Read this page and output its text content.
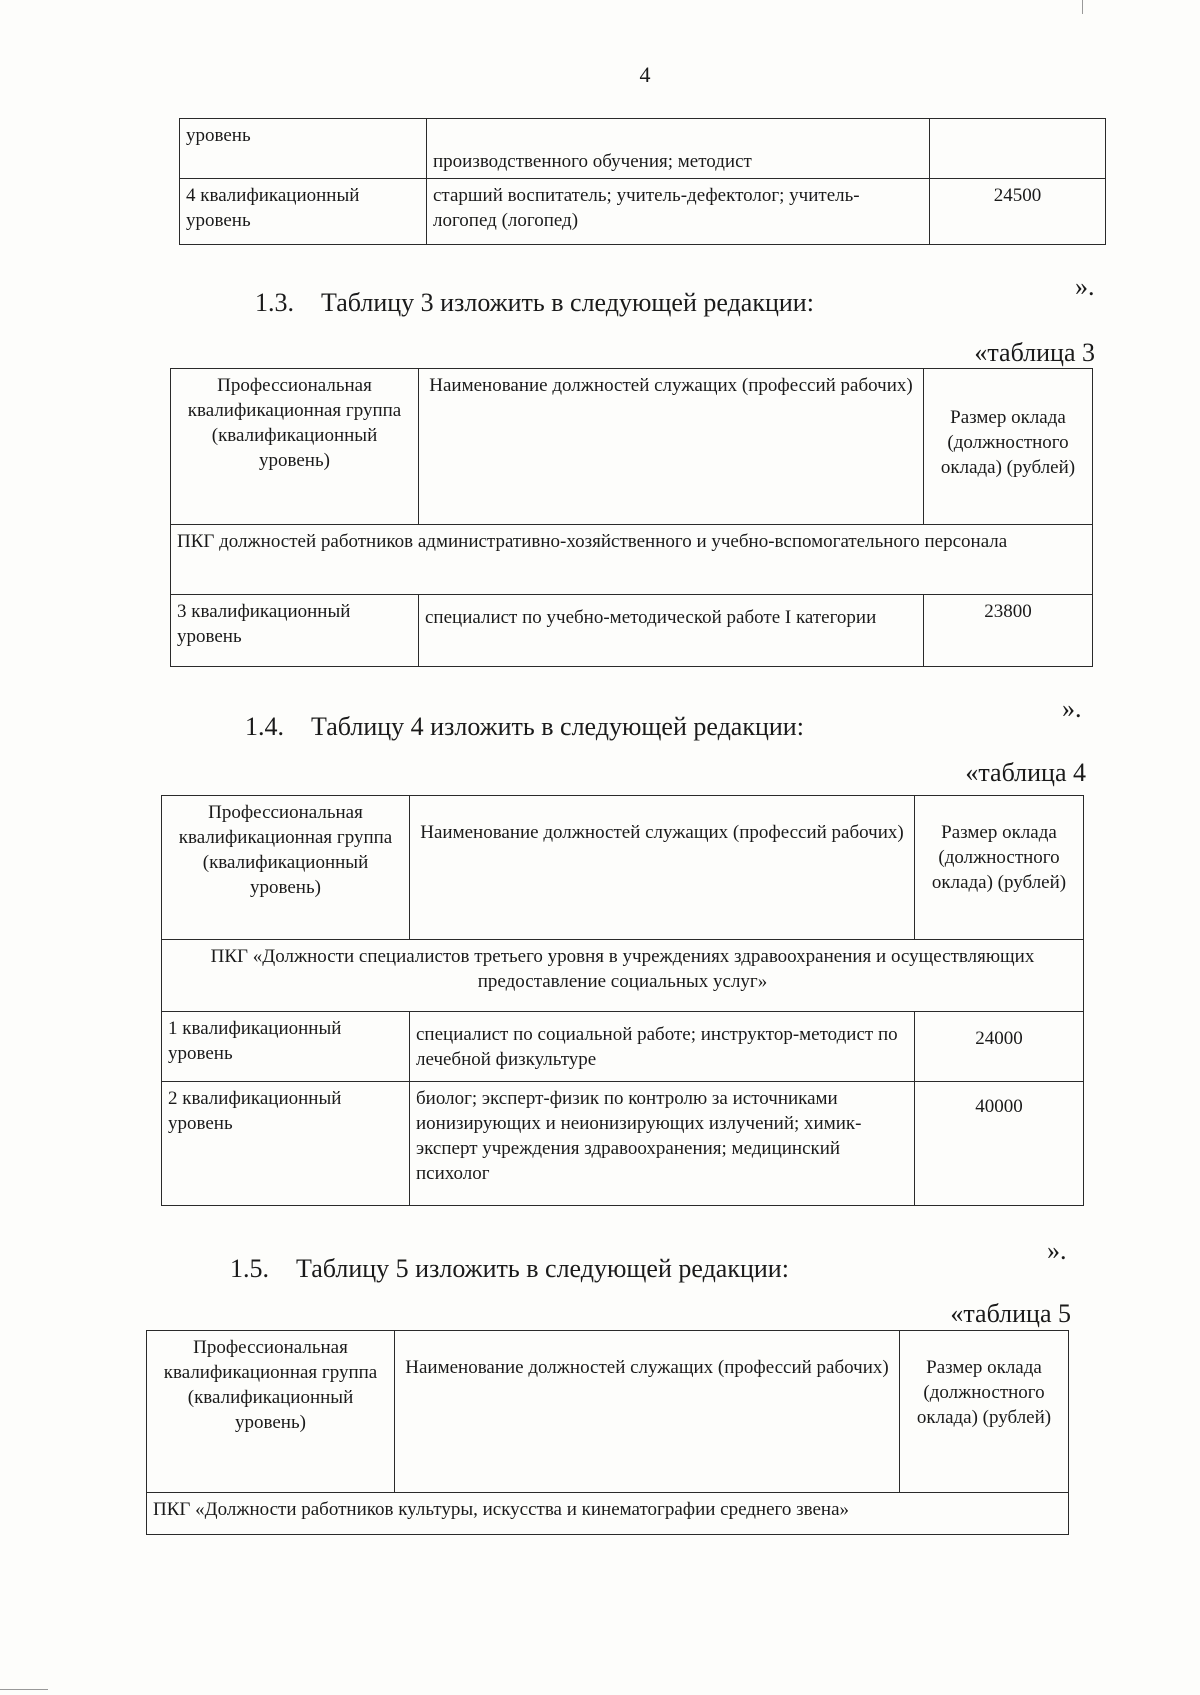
4
уровень	производственного обучения; методист	
4 квалификационный уровень	старший воспитатель; учитель-дефектолог; учитель-логопед (логопед)	24500
».
1.3. Таблицу 3 изложить в следующей редакции:
«таблица 3
Профессиональная квалификационная группа (квалификационный уровень)	Наименование должностей служащих (профессий рабочих)	Размер оклада (должностного оклада) (рублей)
ПКГ должностей работников административно-хозяйственного и учебно-вспомогательного персонала		
3 квалификационный уровень	специалист по учебно-методической работе I категории	23800
».
1.4. Таблицу 4 изложить в следующей редакции:
«таблица 4
Профессиональная квалификационная группа (квалификационный уровень)	Наименование должностей служащих (профессий рабочих)	Размер оклада (должностного оклада) (рублей)
ПКГ «Должности специалистов третьего уровня в учреждениях здравоохранения и осуществляющих предоставление социальных услуг»		
1 квалификационный уровень	специалист по социальной работе; инструктор-методист по лечебной физкультуре	24000
2 квалификационный уровень	биолог; эксперт-физик по контролю за источниками ионизирующих и неионизирующих излучений; химик-эксперт учреждения здравоохранения; медицинский психолог	40000
».
1.5. Таблицу 5 изложить в следующей редакции:
«таблица 5
Профессиональная квалификационная группа (квалификационный уровень)	Наименование должностей служащих (профессий рабочих)	Размер оклада (должностного оклада) (рублей)
ПКГ «Должности работников культуры, искусства и кинематографии среднего звена»
